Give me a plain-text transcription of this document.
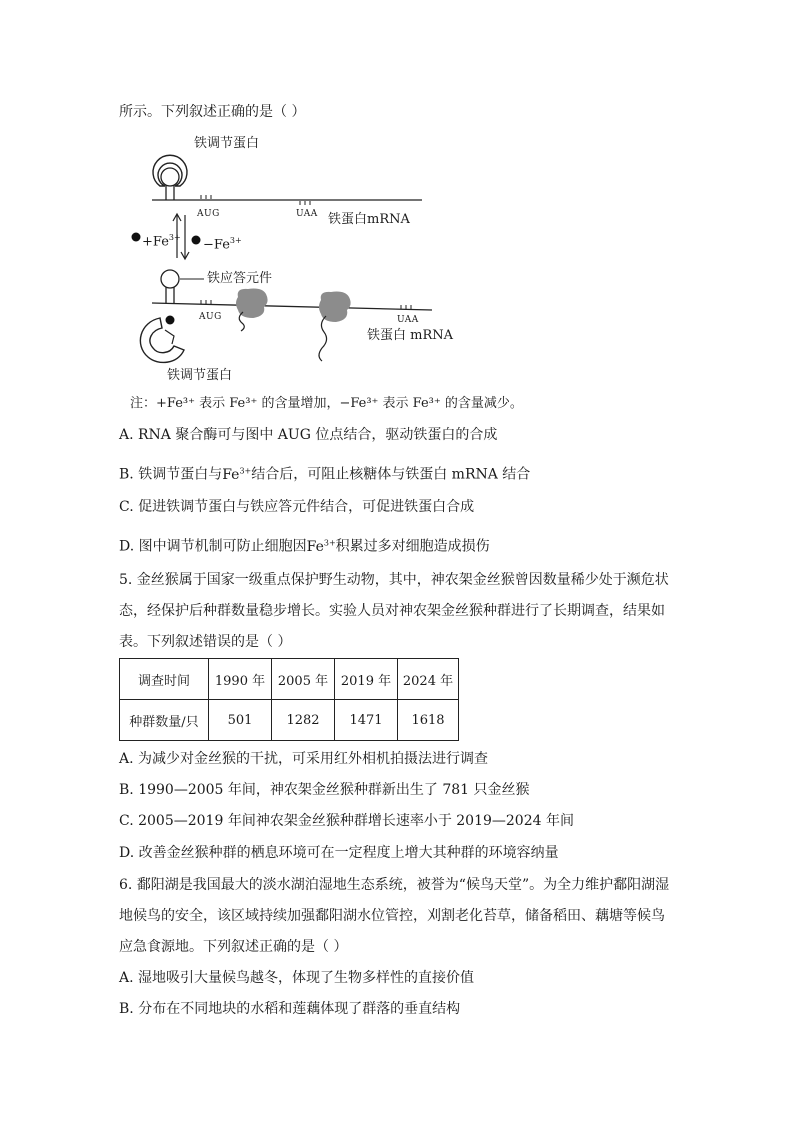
所示。下列叙述正确的是（ ）
铁调节蛋白
AUG	UAA 铁蛋白mRNA
$+Fe^{3+} -Fe^{3+}$
铁应答元件
AUG	UAA
铁蛋白 mRNA
铁调节蛋白
注：+Fe³⁺ 表示 Fe³⁺ 的含量增加，−Fe³⁺ 表示 Fe³⁺ 的含量减少。
A. RNA 聚合酶可与图中 AUG 位点结合，驱动铁蛋白的合成
B. 铁调节蛋白与$Fe^{3+}$结合后，可阻止核糖体与铁蛋白 mRNA 结合
C. 促进铁调节蛋白与铁应答元件结合，可促进铁蛋白合成
D. 图中调节机制可防止细胞因$Fe^{3+}$积累过多对细胞造成损伤
5. 金丝猴属于国家一级重点保护野生动物，其中，神农架金丝猴曾因数量稀少处于濒危状
态，经保护后种群数量稳步增长。实验人员对神农架金丝猴种群进行了长期调查，结果如
表。下列叙述错误的是（ ）
调查时间	1990 年	2005 年	2019 年	2024 年
种群数量/只	501	1282	1471	1618
A. 为减少对金丝猴的干扰，可采用红外相机拍摄法进行调查
B. 1990—2005 年间，神农架金丝猴种群新出生了 781 只金丝猴
C. 2005—2019 年间神农架金丝猴种群增长速率小于 2019—2024 年间
D. 改善金丝猴种群的栖息环境可在一定程度上增大其种群的环境容纳量
6. 鄱阳湖是我国最大的淡水湖泊湿地生态系统，被誉为“候鸟天堂”。为全力维护鄱阳湖湿
地候鸟的安全，该区域持续加强鄱阳湖水位管控，刈割老化苔草，储备稻田、藕塘等候鸟
应急食源地。下列叙述正确的是（ ）
A. 湿地吸引大量候鸟越冬，体现了生物多样性的直接价值
B. 分布在不同地块的水稻和莲藕体现了群落的垂直结构
